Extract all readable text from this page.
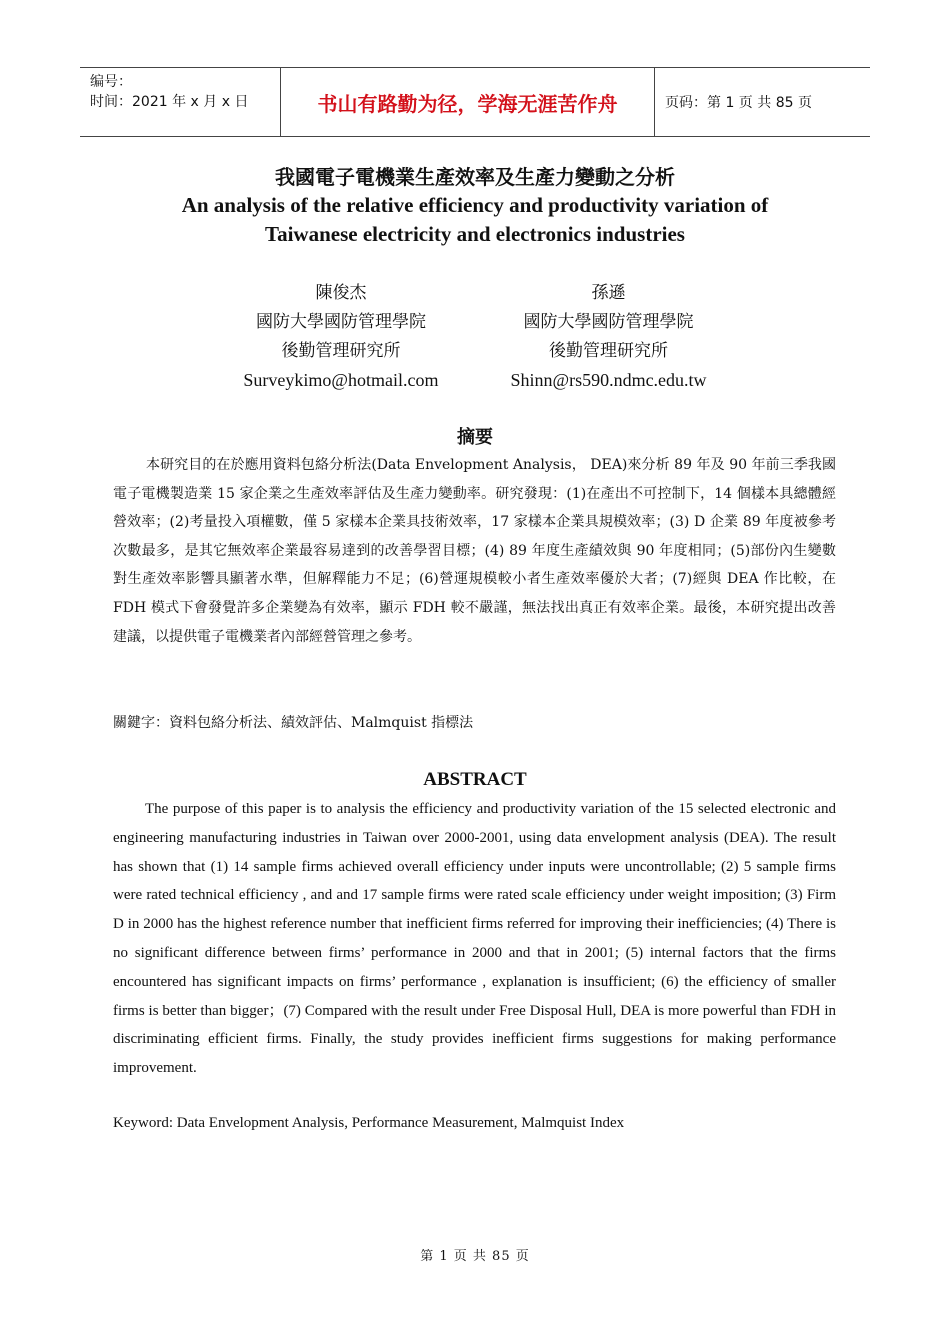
编号：
时间：2021 年 x 月 x 日	书山有路勤为径，学海无涯苦作舟	页码：第 1 页 共 85 页
我國電子電機業生產效率及生產力變動之分析
An analysis of the relative efficiency and productivity variation of
Taiwanese electricity and electronics industries
陳俊杰
國防大學國防管理學院
後勤管理研究所
Surveykimo@hotmail.com
孫遜
國防大學國防管理學院
後勤管理研究所
Shinn@rs590.ndmc.edu.tw
摘要

本研究目的在於應用資料包絡分析法(Data Envelopment Analysis， DEA)來分析 89 年及 90 年前三季我國電子電機製造業 15 家企業之生產效率評估及生產力變動率。研究發現：(1)在產出不可控制下，14 個樣本具總體經營效率；(2)考量投入項權數，僅 5 家樣本企業具技術效率，17 家樣本企業具規模效率；(3) D 企業 89 年度被參考次數最多，是其它無效率企業最容易達到的改善學習目標；(4) 89 年度生產績效與 90 年度相同；(5)部份內生變數對生產效率影響具顯著水準，但解釋能力不足；(6)營運規模較小者生產效率優於大者；(7)經與 DEA 作比較，在 FDH 模式下會發覺許多企業變為有效率，顯示 FDH 較不嚴謹，無法找出真正有效率企業。最後，本研究提出改善建議，以提供電子電機業者內部經營管理之參考。

關鍵字：資料包絡分析法、績效評估、Malmquist 指標法

ABSTRACT

The purpose of this paper is to analysis the efficiency and productivity variation of the 15 selected electronic and engineering manufacturing industries in Taiwan over 2000-2001, using data envelopment analysis (DEA). The result has shown that (1) 14 sample firms achieved overall efficiency under inputs were uncontrollable; (2) 5 sample firms were rated technical efficiency , and and 17 sample firms were rated scale efficiency under weight imposition; (3) Firm D in 2000 has the highest reference number that inefficient firms referred for improving their inefficiencies; (4) There is no significant difference between firms’ performance in 2000 and that in 2001; (5) internal factors that the firms encountered has significant impacts on firms’ performance , explanation is insufficient; (6) the efficiency of smaller firms is better than bigger；(7) Compared with the result under Free Disposal Hull, DEA is more powerful than FDH in discriminating efficient firms. Finally, the study provides inefficient firms suggestions for making performance improvement.

Keyword: Data Envelopment Analysis, Performance Measurement, Malmquist Index

第 1 页 共 85 页
